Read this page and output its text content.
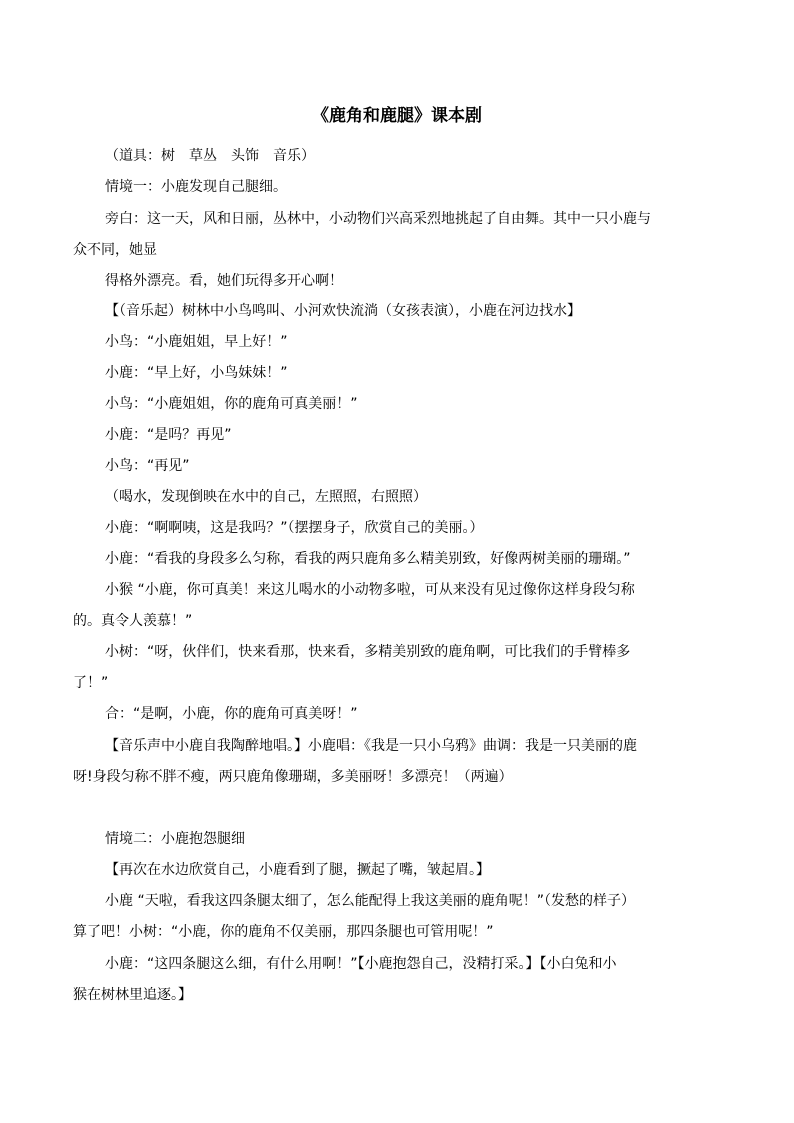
《鹿角和鹿腿》课本剧
（道具：树　草丛　头饰　音乐）
情境一：小鹿发现自己腿细。
旁白：这一天，风和日丽，丛林中，小动物们兴高采烈地挑起了自由舞。其中一只小鹿与
众不同，她显
得格外漂亮。看，她们玩得多开心啊！
【（音乐起）树林中小鸟鸣叫、小河欢快流淌（女孩表演），小鹿在河边找水】
小鸟：“小鹿姐姐，早上好！”
小鹿：“早上好，小鸟妹妹！”
小鸟：“小鹿姐姐，你的鹿角可真美丽！”
小鹿：“是吗？再见”
小鸟：“再见”
（喝水，发现倒映在水中的自己，左照照，右照照）
小鹿：“啊啊咦，这是我吗？”（摆摆身子，欣赏自己的美丽。）
小鹿：“看我的身段多么匀称，看我的两只鹿角多么精美别致，好像两树美丽的珊瑚。”
小猴 “小鹿，你可真美！来这儿喝水的小动物多啦，可从来没有见过像你这样身段匀称
的。真令人羡慕！”
小树：“呀，伙伴们，快来看那，快来看，多精美别致的鹿角啊，可比我们的手臂棒多
了！”
合：“是啊，小鹿，你的鹿角可真美呀！”
【音乐声中小鹿自我陶醉地唱。】小鹿唱：《我是一只小乌鸦》曲调：我是一只美丽的鹿
呀!身段匀称不胖不瘦，两只鹿角像珊瑚，多美丽呀！多漂亮！（两遍）
情境二：小鹿抱怨腿细
【再次在水边欣赏自己，小鹿看到了腿，撅起了嘴，皱起眉。】
小鹿 “天啦，看我这四条腿太细了，怎么能配得上我这美丽的鹿角呢！”（发愁的样子）
算了吧！小树：“小鹿，你的鹿角不仅美丽，那四条腿也可管用呢！”
小鹿：“这四条腿这么细，有什么用啊！”【小鹿抱怨自己，没精打采。】【小白兔和小
猴在树林里追逐。】
